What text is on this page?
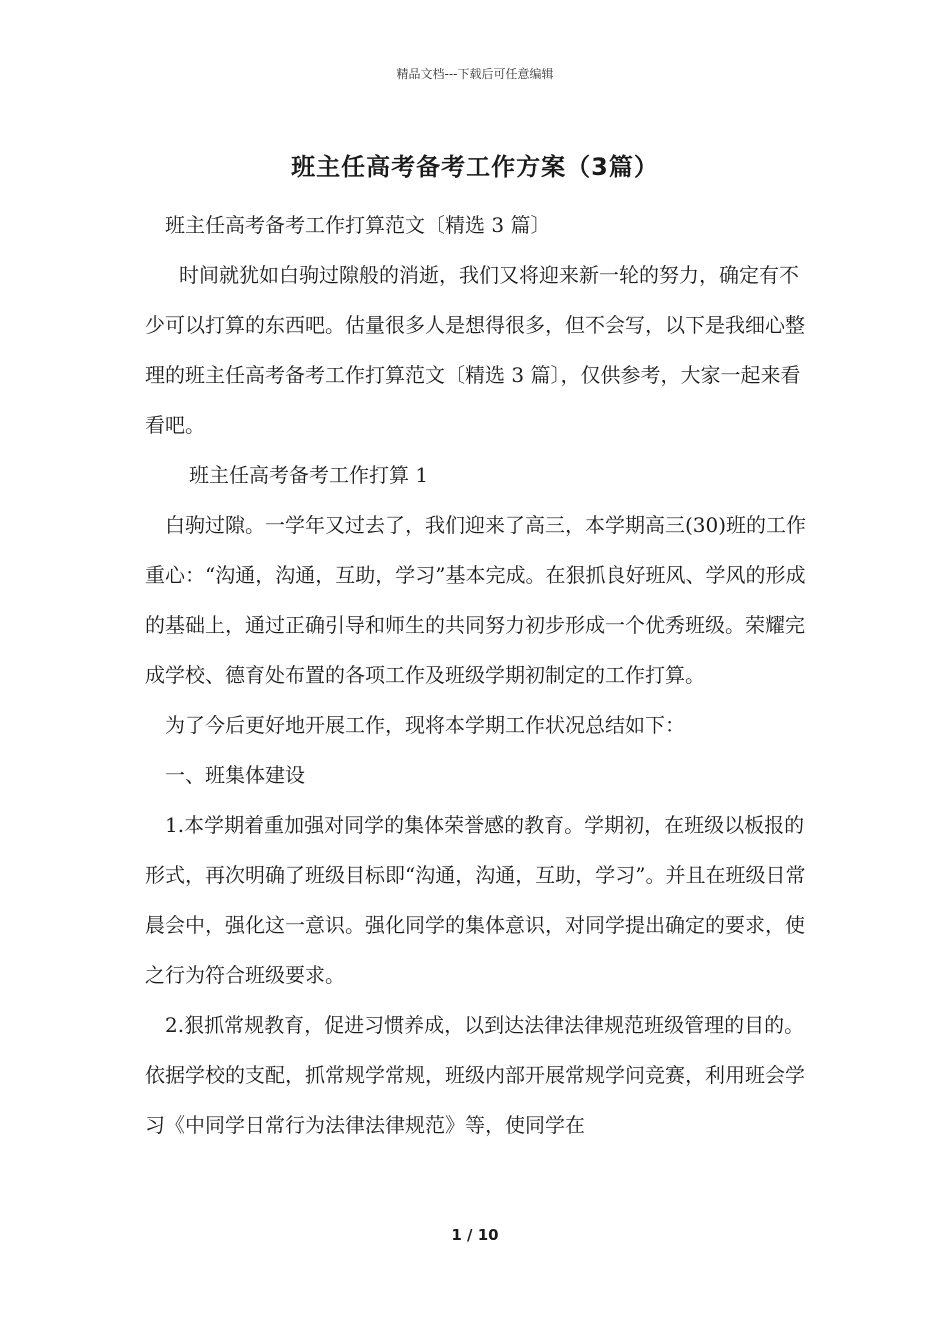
精品文档---下载后可任意编辑
班主任高考备考工作方案（3篇）

班主任高考备考工作打算范文〔精选 3 篇〕

时间就犹如白驹过隙般的消逝，我们又将迎来新一轮的努力，确定有不少可以打算的东西吧。估量很多人是想得很多，但不会写，以下是我细心整理的班主任高考备考工作打算范文〔精选 3 篇〕，仅供参考，大家一起来看看吧。

班主任高考备考工作打算 1

白驹过隙。一学年又过去了，我们迎来了高三，本学期高三(30)班的工作重心：“沟通，沟通，互助，学习”基本完成。在狠抓良好班风、学风的形成的基础上，通过正确引导和师生的共同努力初步形成一个优秀班级。荣耀完成学校、德育处布置的各项工作及班级学期初制定的工作打算。

为了今后更好地开展工作，现将本学期工作状况总结如下：

一、班集体建设

1.本学期着重加强对同学的集体荣誉感的教育。学期初，在班级以板报的形式，再次明确了班级目标即“沟通，沟通，互助，学习”。并且在班级日常晨会中，强化这一意识。强化同学的集体意识，对同学提出确定的要求，使之行为符合班级要求。

2.狠抓常规教育，促进习惯养成，以到达法律法律规范班级管理的目的。依据学校的支配，抓常规学常规，班级内部开展常规学问竞赛，利用班会学习《中同学日常行为法律法律规范》等，使同学在

1 / 10
